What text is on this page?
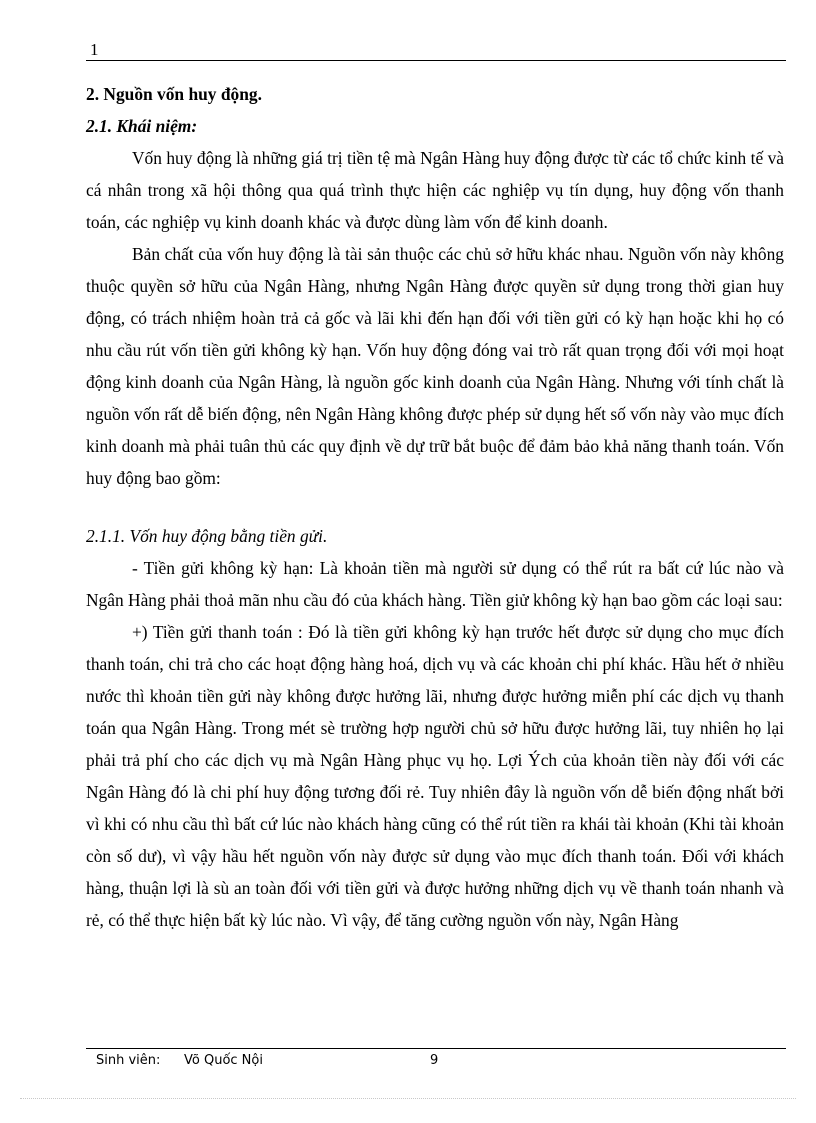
1

2. Nguồn vốn huy động.

2.1. Khái niệm:

Vốn huy động là những giá trị tiền tệ mà Ngân Hàng huy động được từ các tổ chức kinh tế và cá nhân trong xã hội thông qua quá trình thực hiện các nghiệp vụ tín dụng, huy động vốn thanh toán, các nghiệp vụ kinh doanh khác và được dùng làm vốn để kinh doanh.

Bản chất của vốn huy động là tài sản thuộc các chủ sở hữu khác nhau. Nguồn vốn này không thuộc quyền sở hữu của Ngân Hàng, nhưng Ngân Hàng được quyền sử dụng trong thời gian huy động, có trách nhiệm hoàn trả cả gốc và lãi khi đến hạn đối với tiền gửi có kỳ hạn hoặc khi họ có nhu cầu rút vốn tiền gửi không kỳ hạn. Vốn huy động đóng vai trò rất quan trọng đối với mọi hoạt động kinh doanh của Ngân Hàng, là nguồn gốc kinh doanh của Ngân Hàng. Nhưng với tính chất là nguồn vốn rất dễ biến động, nên Ngân Hàng không được phép sử dụng hết số vốn này vào mục đích kinh doanh mà phải tuân thủ các quy định về dự trữ bắt buộc để đảm bảo khả năng thanh toán. Vốn huy động bao gồm:

2.1.1. Vốn huy động bằng tiền gửi.

- Tiền gửi không kỳ hạn: Là khoản tiền mà người sử dụng có thể rút ra bất cứ lúc nào và Ngân Hàng phải thoả mãn nhu cầu đó của khách hàng. Tiền giử không kỳ hạn bao gồm các loại sau:

+) Tiền gửi thanh toán : Đó là tiền gửi không kỳ hạn trước hết được sử dụng cho mục đích thanh toán, chi trả cho các hoạt động hàng hoá, dịch vụ và các khoản chi phí khác. Hầu hết ở nhiều nước thì khoản tiền gửi này không được hưởng lãi, nhưng được hưởng miễn phí các dịch vụ thanh toán qua Ngân Hàng. Trong mét sè trường hợp người chủ sở hữu được hưởng lãi, tuy nhiên họ lại phải trả phí cho các dịch vụ mà Ngân Hàng phục vụ họ. Lợi Ých của khoản tiền này đối với các Ngân Hàng đó là chi phí huy động tương đối rẻ. Tuy nhiên đây là nguồn vốn dễ biến động nhất bởi vì khi có nhu cầu thì bất cứ lúc nào khách hàng cũng có thể rút tiền ra khái tài khoản (Khi tài khoản còn số dư), vì vậy hầu hết nguồn vốn này được sử dụng vào mục đích thanh toán. Đối với khách hàng, thuận lợi là sù an toàn đối với tiền gửi và được hưởng những dịch vụ về thanh toán nhanh và rẻ, có thể thực hiện bất kỳ lúc nào. Vì vậy, để tăng cường nguồn vốn này, Ngân Hàng

Sinh viên: Võ Quốc Nội	9
